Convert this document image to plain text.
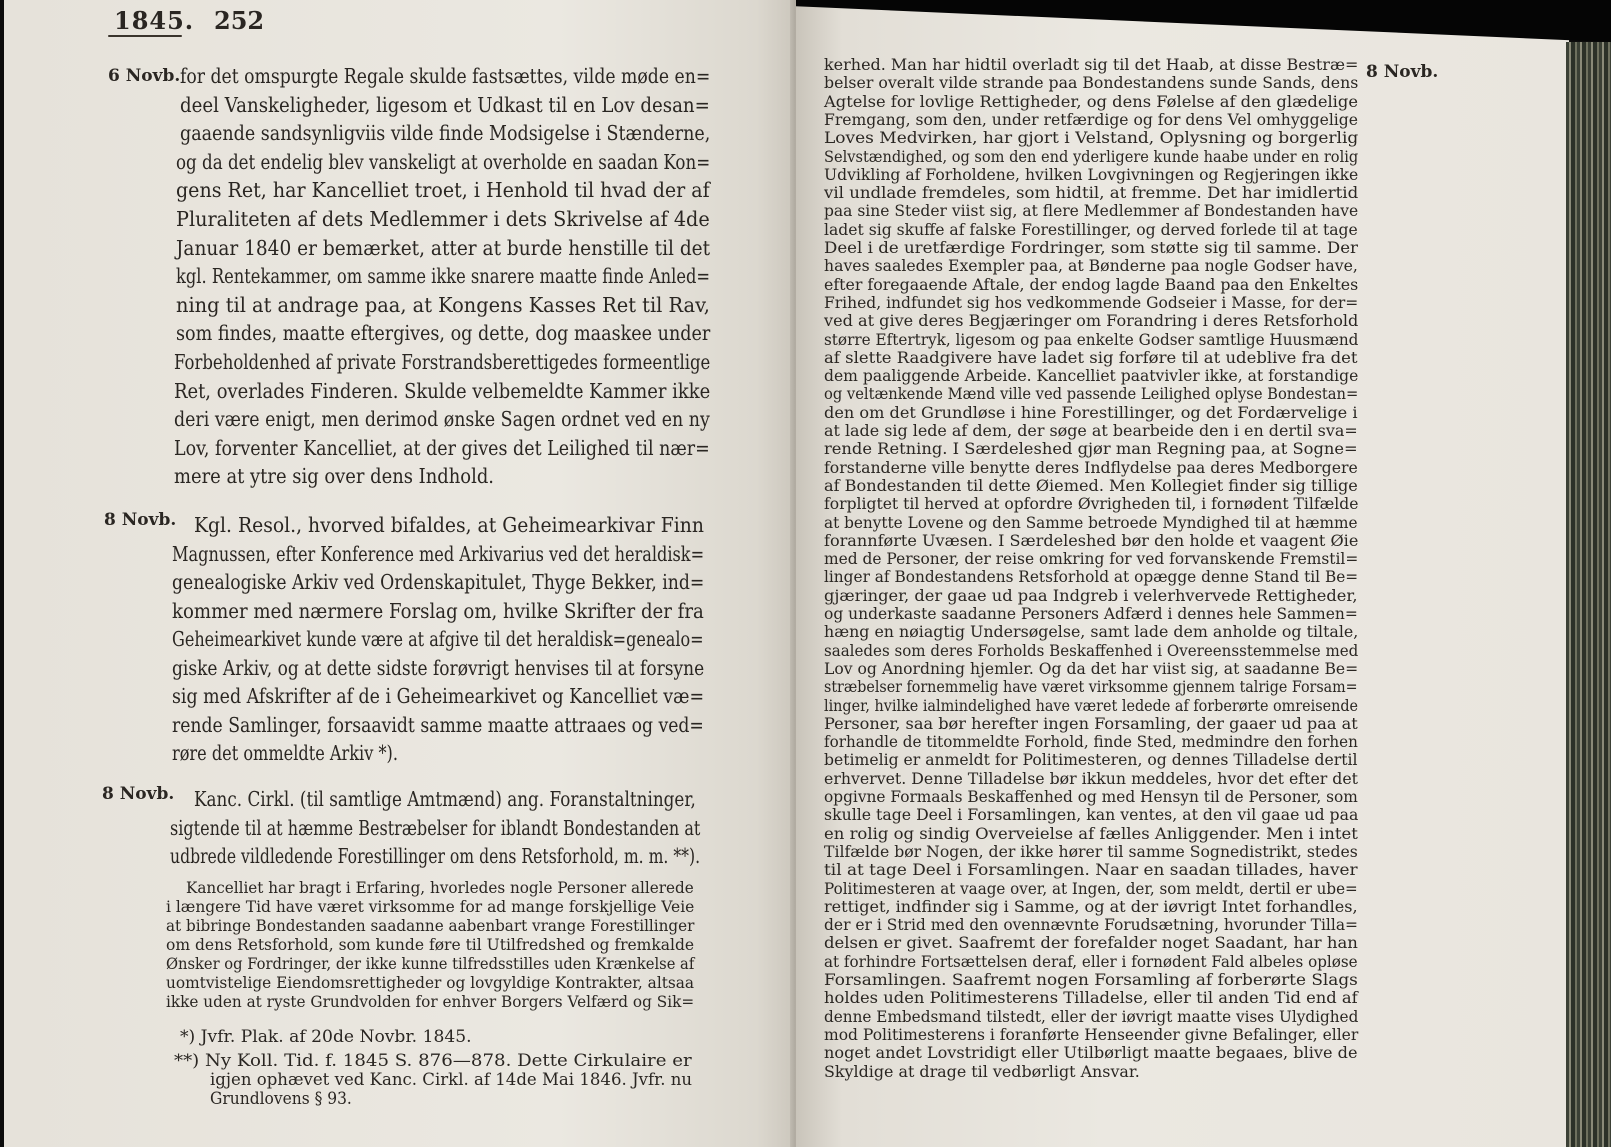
1845. 252
6 Novb. for det omspurgte Regale skulde fastsættes, vilde møde en=
deel Vanskeligheder, ligesom et Udkast til en Lov desan=
gaaende sandsynligviis vilde finde Modsigelse i Stænderne,
og da det endelig blev vanskeligt at overholde en saadan Kon=
gens Ret, har Kancelliet troet, i Henhold til hvad der af
Pluraliteten af dets Medlemmer i dets Skrivelse af 4de
Januar 1840 er bemærket, atter at burde henstille til det
kgl. Rentekammer, om samme ikke snarere maatte finde Anled=
ning til at andrage paa, at Kongens Kasses Ret til Rav,
som findes, maatte eftergives, og dette, dog maaskee under
Forbeholdenhed af private Forstrandsberettigedes formeentlige
Ret, overlades Finderen. Skulde velbemeldte Kammer ikke
deri være enigt, men derimod ønske Sagen ordnet ved en ny
Lov, forventer Kancelliet, at der gives det Leilighed til nær=
mere at ytre sig over dens Indhold.
8 Novb. Kgl. Resol., hvorved bifaldes, at Geheimearkivar Finn
Magnussen, efter Konference med Arkivarius ved det heraldisk=
genealogiske Arkiv ved Ordenskapitulet, Thyge Bekker, ind=
kommer med nærmere Forslag om, hvilke Skrifter der fra
Geheimearkivet kunde være at afgive til det heraldisk=genealo=
giske Arkiv, og at dette sidste forøvrigt henvises til at forsyne
sig med Afskrifter af de i Geheimearkivet og Kancelliet væ=
rende Samlinger, forsaavidt samme maatte attraaes og ved=
røre det ommeldte Arkiv *).
8 Novb. Kanc. Cirkl. (til samtlige Amtmænd) ang. Foranstaltninger,
sigtende til at hæmme Bestræbelser for iblandt Bondestanden at
udbrede vildledende Forestillinger om dens Retsforhold, m. m. **).
Kancelliet har bragt i Erfaring, hvorledes nogle Personer allerede
i længere Tid have været virksomme for ad mange forskjellige Veie
at bibringe Bondestanden saadanne aabenbart vrange Forestillinger
om dens Retsforhold, som kunde føre til Utilfredshed og fremkalde
Ønsker og Fordringer, der ikke kunne tilfredsstilles uden Krænkelse af
uomtvistelige Eiendomsrettigheder og lovgyldige Kontrakter, altsaa
ikke uden at ryste Grundvolden for enhver Borgers Velfærd og Sik=
*) Jvfr. Plak. af 20de Novbr. 1845.
**) Ny Koll. Tid. f. 1845 S. 876—878. Dette Cirkulaire er
igjen ophævet ved Kanc. Cirkl. af 14de Mai 1846. Jvfr. nu
Grundlovens § 93.
8 Novb.
kerhed. Man har hidtil overladt sig til det Haab, at disse Bestræ=
belser overalt vilde strande paa Bondestandens sunde Sands, dens
Agtelse for lovlige Rettigheder, og dens Følelse af den glædelige
Fremgang, som den, under retfærdige og for dens Vel omhyggelige
Loves Medvirken, har gjort i Velstand, Oplysning og borgerlig
Selvstændighed, og som den end yderligere kunde haabe under en rolig
Udvikling af Forholdene, hvilken Lovgivningen og Regjeringen ikke
vil undlade fremdeles, som hidtil, at fremme. Det har imidlertid
paa sine Steder viist sig, at flere Medlemmer af Bondestanden have
ladet sig skuffe af falske Forestillinger, og derved forlede til at tage
Deel i de uretfærdige Fordringer, som støtte sig til samme. Der
haves saaledes Exempler paa, at Bønderne paa nogle Godser have,
efter foregaaende Aftale, der endog lagde Baand paa den Enkeltes
Frihed, indfundet sig hos vedkommende Godseier i Masse, for der=
ved at give deres Begjæringer om Forandring i deres Retsforhold
større Eftertryk, ligesom og paa enkelte Godser samtlige Huusmænd
af slette Raadgivere have ladet sig forføre til at udeblive fra det
dem paaliggende Arbeide. Kancelliet paatvivler ikke, at forstandige
og veltænkende Mænd ville ved passende Leilighed oplyse Bondestan=
den om det Grundløse i hine Forestillinger, og det Fordærvelige i
at lade sig lede af dem, der søge at bearbeide den i en dertil sva=
rende Retning. I Særdeleshed gjør man Regning paa, at Sogne=
forstanderne ville benytte deres Indflydelse paa deres Medborgere
af Bondestanden til dette Øiemed. Men Kollegiet finder sig tillige
forpligtet til herved at opfordre Øvrigheden til, i fornødent Tilfælde
at benytte Lovene og den Samme betroede Myndighed til at hæmme
forannførte Uvæsen. I Særdeleshed bør den holde et vaagent Øie
med de Personer, der reise omkring for ved forvanskende Fremstil=
linger af Bondestandens Retsforhold at opægge denne Stand til Be=
gjæringer, der gaae ud paa Indgreb i velerhvervede Rettigheder,
og underkaste saadanne Personers Adfærd i dennes hele Sammen=
hæng en nøiagtig Undersøgelse, samt lade dem anholde og tiltale,
saaledes som deres Forholds Beskaffenhed i Overeensstemmelse med
Lov og Anordning hjemler. Og da det har viist sig, at saadanne Be=
stræbelser fornemmelig have været virksomme gjennem talrige Forsam=
linger, hvilke ialmindelighed have været ledede af forberørte omreisende
Personer, saa bør herefter ingen Forsamling, der gaaer ud paa at
forhandle de titommeldte Forhold, finde Sted, medmindre den forhen
betimelig er anmeldt for Politimesteren, og dennes Tilladelse dertil
erhvervet. Denne Tilladelse bør ikkun meddeles, hvor det efter det
opgivne Formaals Beskaffenhed og med Hensyn til de Personer, som
skulle tage Deel i Forsamlingen, kan ventes, at den vil gaae ud paa
en rolig og sindig Overveielse af fælles Anliggender. Men i intet
Tilfælde bør Nogen, der ikke hører til samme Sognedistrikt, stedes
til at tage Deel i Forsamlingen. Naar en saadan tillades, haver
Politimesteren at vaage over, at Ingen, der, som meldt, dertil er ube=
rettiget, indfinder sig i Samme, og at der iøvrigt Intet forhandles,
der er i Strid med den ovennævnte Forudsætning, hvorunder Tilla=
delsen er givet. Saafremt der forefalder noget Saadant, har han
at forhindre Fortsættelsen deraf, eller i fornødent Fald albeles opløse
Forsamlingen. Saafremt nogen Forsamling af forberørte Slags
holdes uden Politimesterens Tilladelse, eller til anden Tid end af
denne Embedsmand tilstedt, eller der iøvrigt maatte vises Ulydighed
mod Politimesterens i foranførte Henseender givne Befalinger, eller
noget andet Lovstridigt eller Utilbørligt maatte begaaes, blive de
Skyldige at drage til vedbørligt Ansvar.
